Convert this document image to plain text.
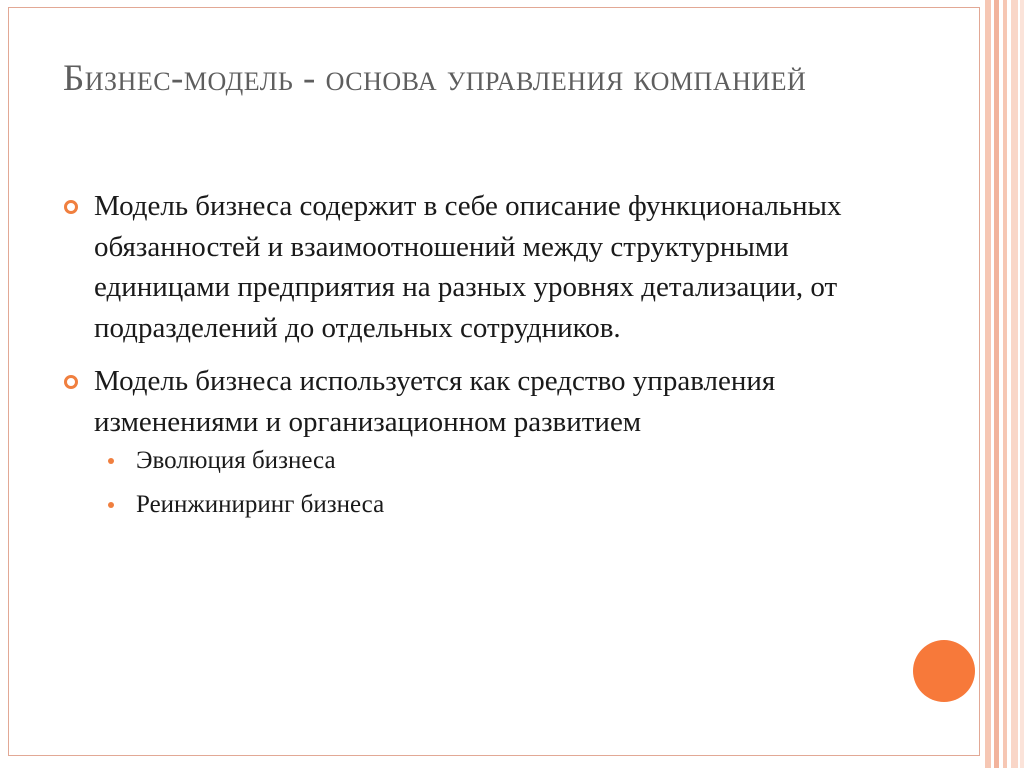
Бизнес-модель - основа управления компанией
Модель бизнеса содержит в себе описание функциональных обязанностей и взаимоотношений между структурными единицами предприятия на разных уровнях детализации, от подразделений до отдельных сотрудников.
Модель бизнеса используется как средство управления изменениями и организационном развитием
Эволюция бизнеса
Реинжиниринг бизнеса
